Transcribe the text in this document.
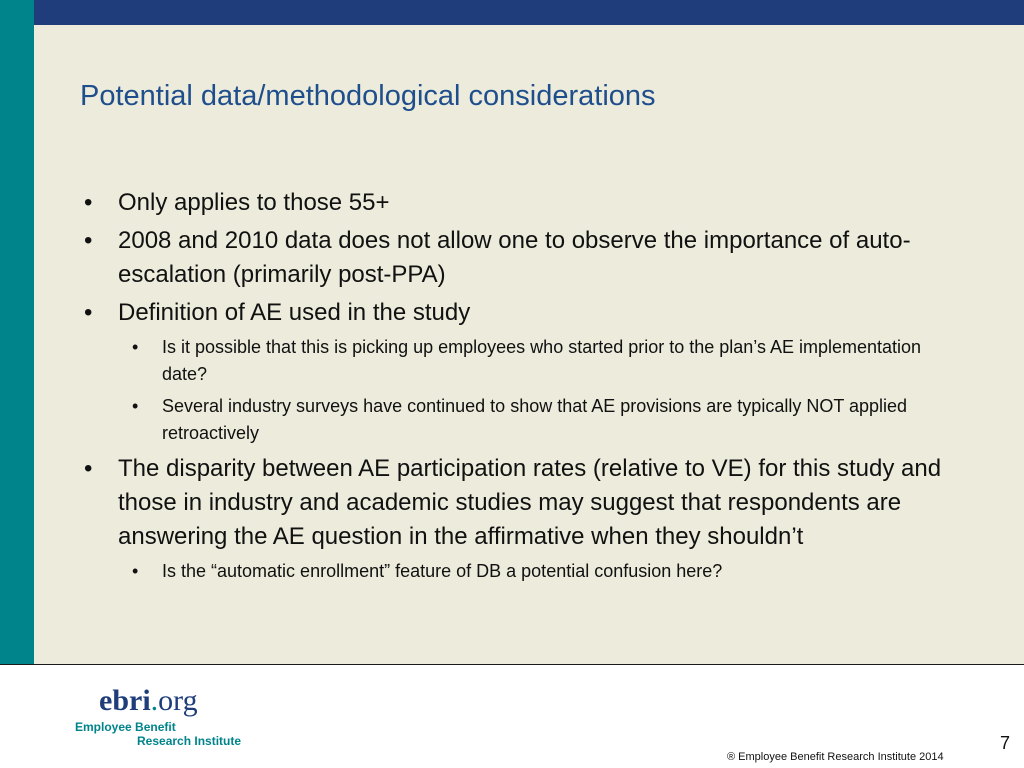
Potential data/methodological considerations
• Only applies to those 55+
• 2008 and 2010 data does not allow one to observe the importance of auto-escalation (primarily post-PPA)
• Definition of AE used in the study
• Is it possible that this is picking up employees who started prior to the plan’s AE implementation date?
• Several industry surveys have continued to show that AE provisions are typically NOT applied retroactively
• The disparity between AE participation rates (relative to VE) for this study and those in industry and academic studies may suggest that respondents are answering the AE question in the affirmative when they shouldn’t
• Is the “automatic enrollment” feature of DB a potential confusion here?
ebri.org
Employee Benefit
Research Institute
® Employee Benefit Research Institute 2014
7
